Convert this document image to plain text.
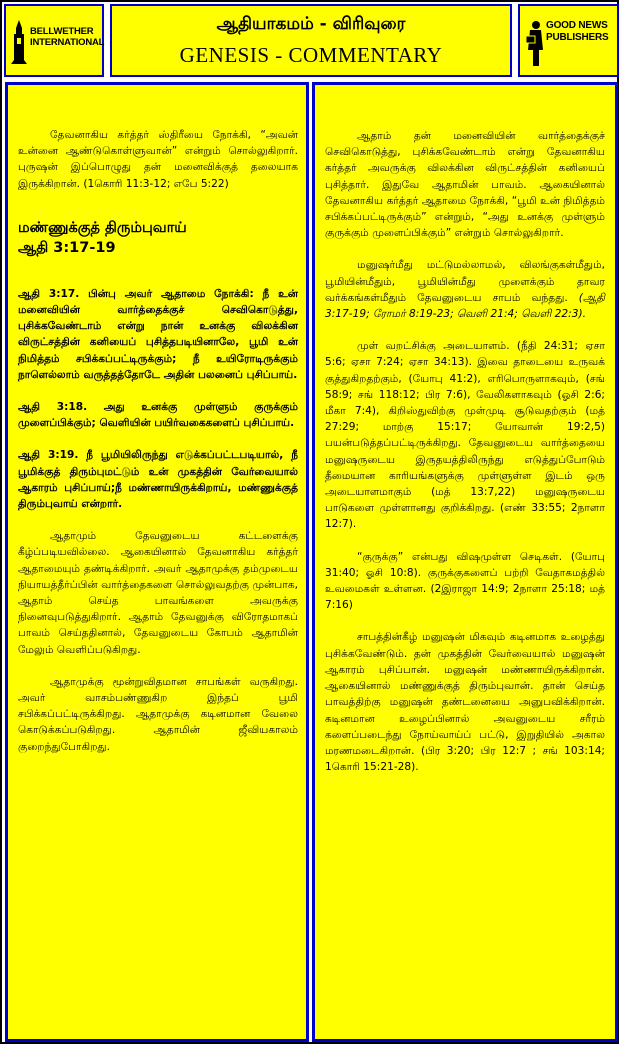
BELLWETHER INTERNATIONAL
ஆதியாகமம் - விரிவுரை
GENESIS - COMMENTARY
GOOD NEWS PUBLISHERS

தேவனாகிய கர்த்தர் ஸ்திரீயை நோக்கி, “அவன் உன்னை ஆண்டுகொள்ளுவான்” என்றும் சொல்லுகிறார். புருஷன் இப்பொழுது தன் மனைவிக்குத் தலையாக இருக்கிறான். (1கொரி 11:3-12; எபே 5:22)

மண்ணுக்குத் திரும்புவாய்
ஆதி 3:17-19

ஆதி 3:17. பின்பு அவர் ஆதாமை நோக்கி: நீ உன் மனைவியின் வார்த்தைக்குச் செவிகொடுத்து, புசிக்கவேண்டாம் என்று நான் உனக்கு விலக்கின விருட்சத்தின் கனியைப் புசித்தபடியினாலே, பூமி உன் நிமித்தம் சபிக்கப்பட்டிருக்கும்; நீ உயிரோடிருக்கும் நாளெல்லாம் வருத்தத்தோடே அதின் பலனைப் புசிப்பாய்.

ஆதி 3:18. அது உனக்கு முள்ளும் குருக்கும் முளைப்பிக்கும்; வெளியின் பயிர்வகைகளைப் புசிப்பாய்.

ஆதி 3:19. நீ பூமியிலிருந்து எடுக்கப்பட்டபடியால், நீ பூமிக்குத் திரும்புமட்டும் உன் முகத்தின் வேர்வையால் ஆகாரம் புசிப்பாய்;நீ மண்ணாயிருக்கிறாய், மண்ணுக்குத் திரும்புவாய் என்றார்.

ஆதாமும் தேவனுடைய கட்டளைக்கு கீழ்ப்படியவில்லை. ஆகையினால் தேவனாகிய கர்த்தர் ஆதாமையும் தண்டிக்கிறார். அவர் ஆதாமுக்கு தம்முடைய நியாயத்தீர்ப்பின் வார்த்தைகளை சொல்லுவதற்கு முன்பாக, ஆதாம் செய்த பாவங்களை அவருக்கு நினைவுபடுத்துகிறார். ஆதாம் தேவனுக்கு விரோதமாகப் பாவம் செய்ததினால், தேவனுடைய கோபம் ஆதாமின் மேலும் வெளிப்படுகிறது.

ஆதாமுக்கு மூன்றுவிதமான சாபங்கள் வருகிறது. அவர் வாசம்பண்ணுகிற இந்தப் பூமி சபிக்கப்பட்டிருக்கிறது. ஆதாமுக்கு கடினமான வேலை கொடுக்கப்படுகிறது. ஆதாமின் ஜீவியகாலம் குறைந்துபோகிறது.

ஆதாம் தன் மனைவியின் வார்த்தைக்குச் செவிகொடுத்து, புசிக்கவேண்டாம் என்று தேவனாகிய கர்த்தர் அவருக்கு விலக்கின விருட்சத்தின் கனியைப் புசித்தார். இதுவே ஆதாமின் பாவம். ஆகையினால் தேவனாகிய கர்த்தர் ஆதாமை நோக்கி, “பூமி உன் நிமித்தம் சபிக்கப்பட்டிருக்கும்” என்றும், “அது உனக்கு முள்ளும் குருக்கும் முளைப்பிக்கும்” என்றும் சொல்லுகிறார்.

மனுஷர்மீது மட்டுமல்லாமல், விலங்குகள்மீதும், பூமியின்மீதும், பூமியின்மீது முளைக்கும் தாவர வர்க்கங்கள்மீதும் தேவனுடைய சாபம் வந்தது. (ஆதி 3:17-19; ரோமர் 8:19-23; வெளி 21:4; வெளி 22:3).

முள் வறட்சிக்கு அடையாளம். (நீதி 24:31; ஏசா 5:6; ஏசா 7:24; ஏசா 34:13). இவை தாடையை உருவக் குத்துகிறதற்கும், (யோபு 41:2), எரிபொருளாகவும், (சங் 58:9; சங் 118:12; பிர 7:6), வேலிகளாகவும் (ஓசி 2:6; மீகா 7:4), கிறிஸ்துவிற்கு முள்முடி சூடுவதற்கும் (மத் 27:29; மாற்கு 15:17; யோவான் 19:2,5) பயன்படுத்தப்பட்டிருக்கிறது. தேவனுடைய வார்த்தையை மனுஷருடைய இருதயத்திலிருந்து எடுத்துப்போடும் தீமையான காரியங்களுக்கு முள்ளுள்ள இடம் ஒரு அடையாளமாகும் (மத் 13:7,22) மனுஷருடைய பாடுகளை முள்ளானது குறிக்கிறது. (எண் 33:55; 2நாளா 12:7).

“குருக்கு” என்பது விஷமுள்ள செடிகள். (யோபு 31:40; ஓசி 10:8). குருக்குகளைப் பற்றி வேதாகமத்தில் உவமைகள் உள்ளன. (2இராஜா 14:9; 2நாளா 25:18; மத் 7:16)

சாபத்தின்கீழ் மனுஷன் மிகவும் கடினமாக உழைத்து புசிக்கவேண்டும். தன் முகத்தின் வேர்வையால் மனுஷன் ஆகாரம் புசிப்பான். மனுஷன் மண்ணாயிருக்கிறான். ஆகையினால் மண்ணுக்குத் திரும்புவான். தான் செய்த பாவத்திற்கு மனுஷன் தண்டனையை அனுபவிக்கிறான். கடினமான உழைப்பினால் அவனுடைய சரீரம் களைப்படைந்து நோய்வாய்ப் பட்டு, இறுதியில் அகால மரணமடைகிறான். (பிர 3:20; பிர 12:7 ; சங் 103:14; 1கொரி 15:21-28).
